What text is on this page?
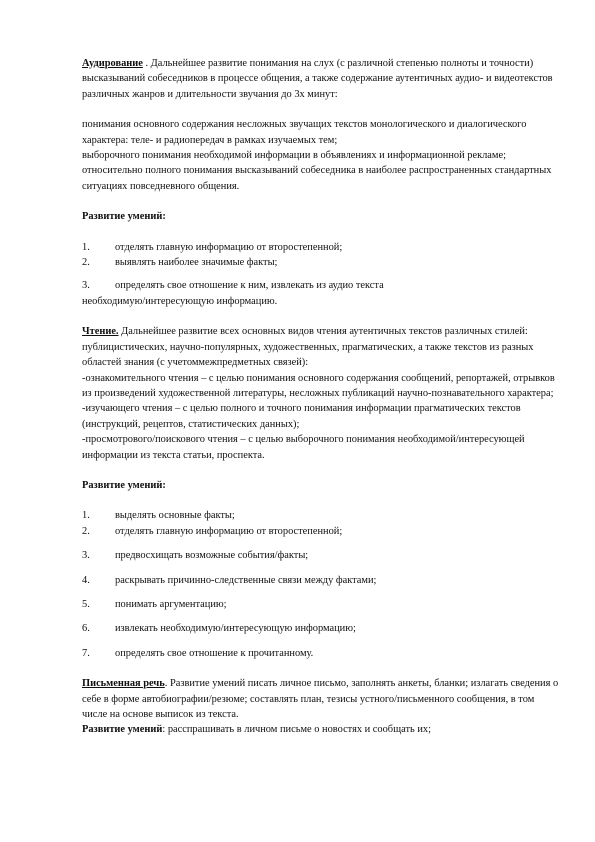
Аудирование . Дальнейшее развитие понимания на слух (с различной степенью полноты и точности) высказываний собеседников в процессе общения, а также содержание аутентичных аудио- и видеотекстов различных жанров и длительности звучания до 3х минут:

понимания основного содержания несложных звучащих текстов монологического и диалогического характера: теле- и радиопередач в рамках изучаемых тем;

выборочного понимания необходимой информации в объявлениях и информационной рекламе;

относительно полного понимания высказываний собеседника в наиболее распространенных стандартных ситуациях повседневного общения.

Развитие умений:

1.	отделять главную информацию от второстепенной;
2.	выявлять наиболее значимые факты;
3.	определять свое отношение к ним, извлекать из аудио текста

необходимую/интересующую информацию.

Чтение. Дальнейшее развитие всех основных видов чтения аутентичных текстов различных стилей: публицистических, научно-популярных, художественных, прагматических, а также текстов из разных областей знания (с учетоммежпредметных связей):

-ознакомительного чтения – с целью понимания основного содержания сообщений, репортажей, отрывков из произведений художественной литературы, несложных публикаций научно-познавательного характера;

-изучающего чтения – с целью полного и точного понимания информации прагматических текстов (инструкций, рецептов, статистических данных);

-просмотрового/поискового чтения – с целью выборочного понимания необходимой/интересующей информации из текста статьи, проспекта.

Развитие умений:

1.	выделять основные факты;
2.	отделять главную информацию от второстепенной;
3.	предвосхищать возможные события/факты;
4.	раскрывать причинно-следственные связи между фактами;
5.	понимать аргументацию;
6.	извлекать необходимую/интересующую информацию;
7.	определять свое отношение к прочитанному.

Письменная речь. Развитие умений писать личное письмо, заполнять анкеты, бланки; излагать сведения о себе в форме автобиографии/резюме; составлять план, тезисы устного/письменного сообщения, в том числе на основе выписок из текста.

Развитие умений: расспрашивать в личном письме о новостях и сообщать их;
